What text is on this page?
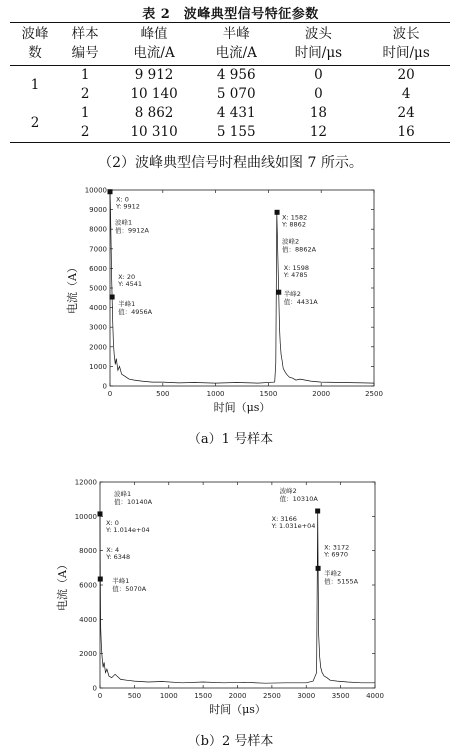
表 2　波峰典型信号特征参数
波峰	样本	峰值	半峰	波头	波长
数	编号	电流/A	电流/A	时间/μs	时间/μs
1	1	9 912	4 956	0	20
	2	10 140	5 070	0	4
2	1	8 862	4 431	18	24
	2	10 310	5 155	12	16
（2）波峰典型信号时程曲线如图 7 所示。
0	500	1000	1500	2000	2500
0
1000
2000
3000
4000
5000
6000
7000
8000
9000
10000
时间（μs）
电流（A）
波峰1
值：9912A
X: 0
Y: 9912
半峰1
值：4956A
X: 20
Y: 4541
波峰2
值：8862A
X: 1582
Y: 8862
半峰2
值：4431A
X: 1598
Y: 4785
（a）1 号样本
0	500	1000 1500 2000 2500 3000 3500 4000
0
2000
4000
6000
8000
10000
12000
时间（μs）
电流（A）
波峰1
值：10140A
X: 0
Y: 1.014e+04
半峰1
值：5070A
X: 4
Y: 6348
波峰2
值：10310A
X: 3166
Y: 1.031e+04
半峰2
值：5155A
X: 3172
Y: 6970
（b）2 号样本
